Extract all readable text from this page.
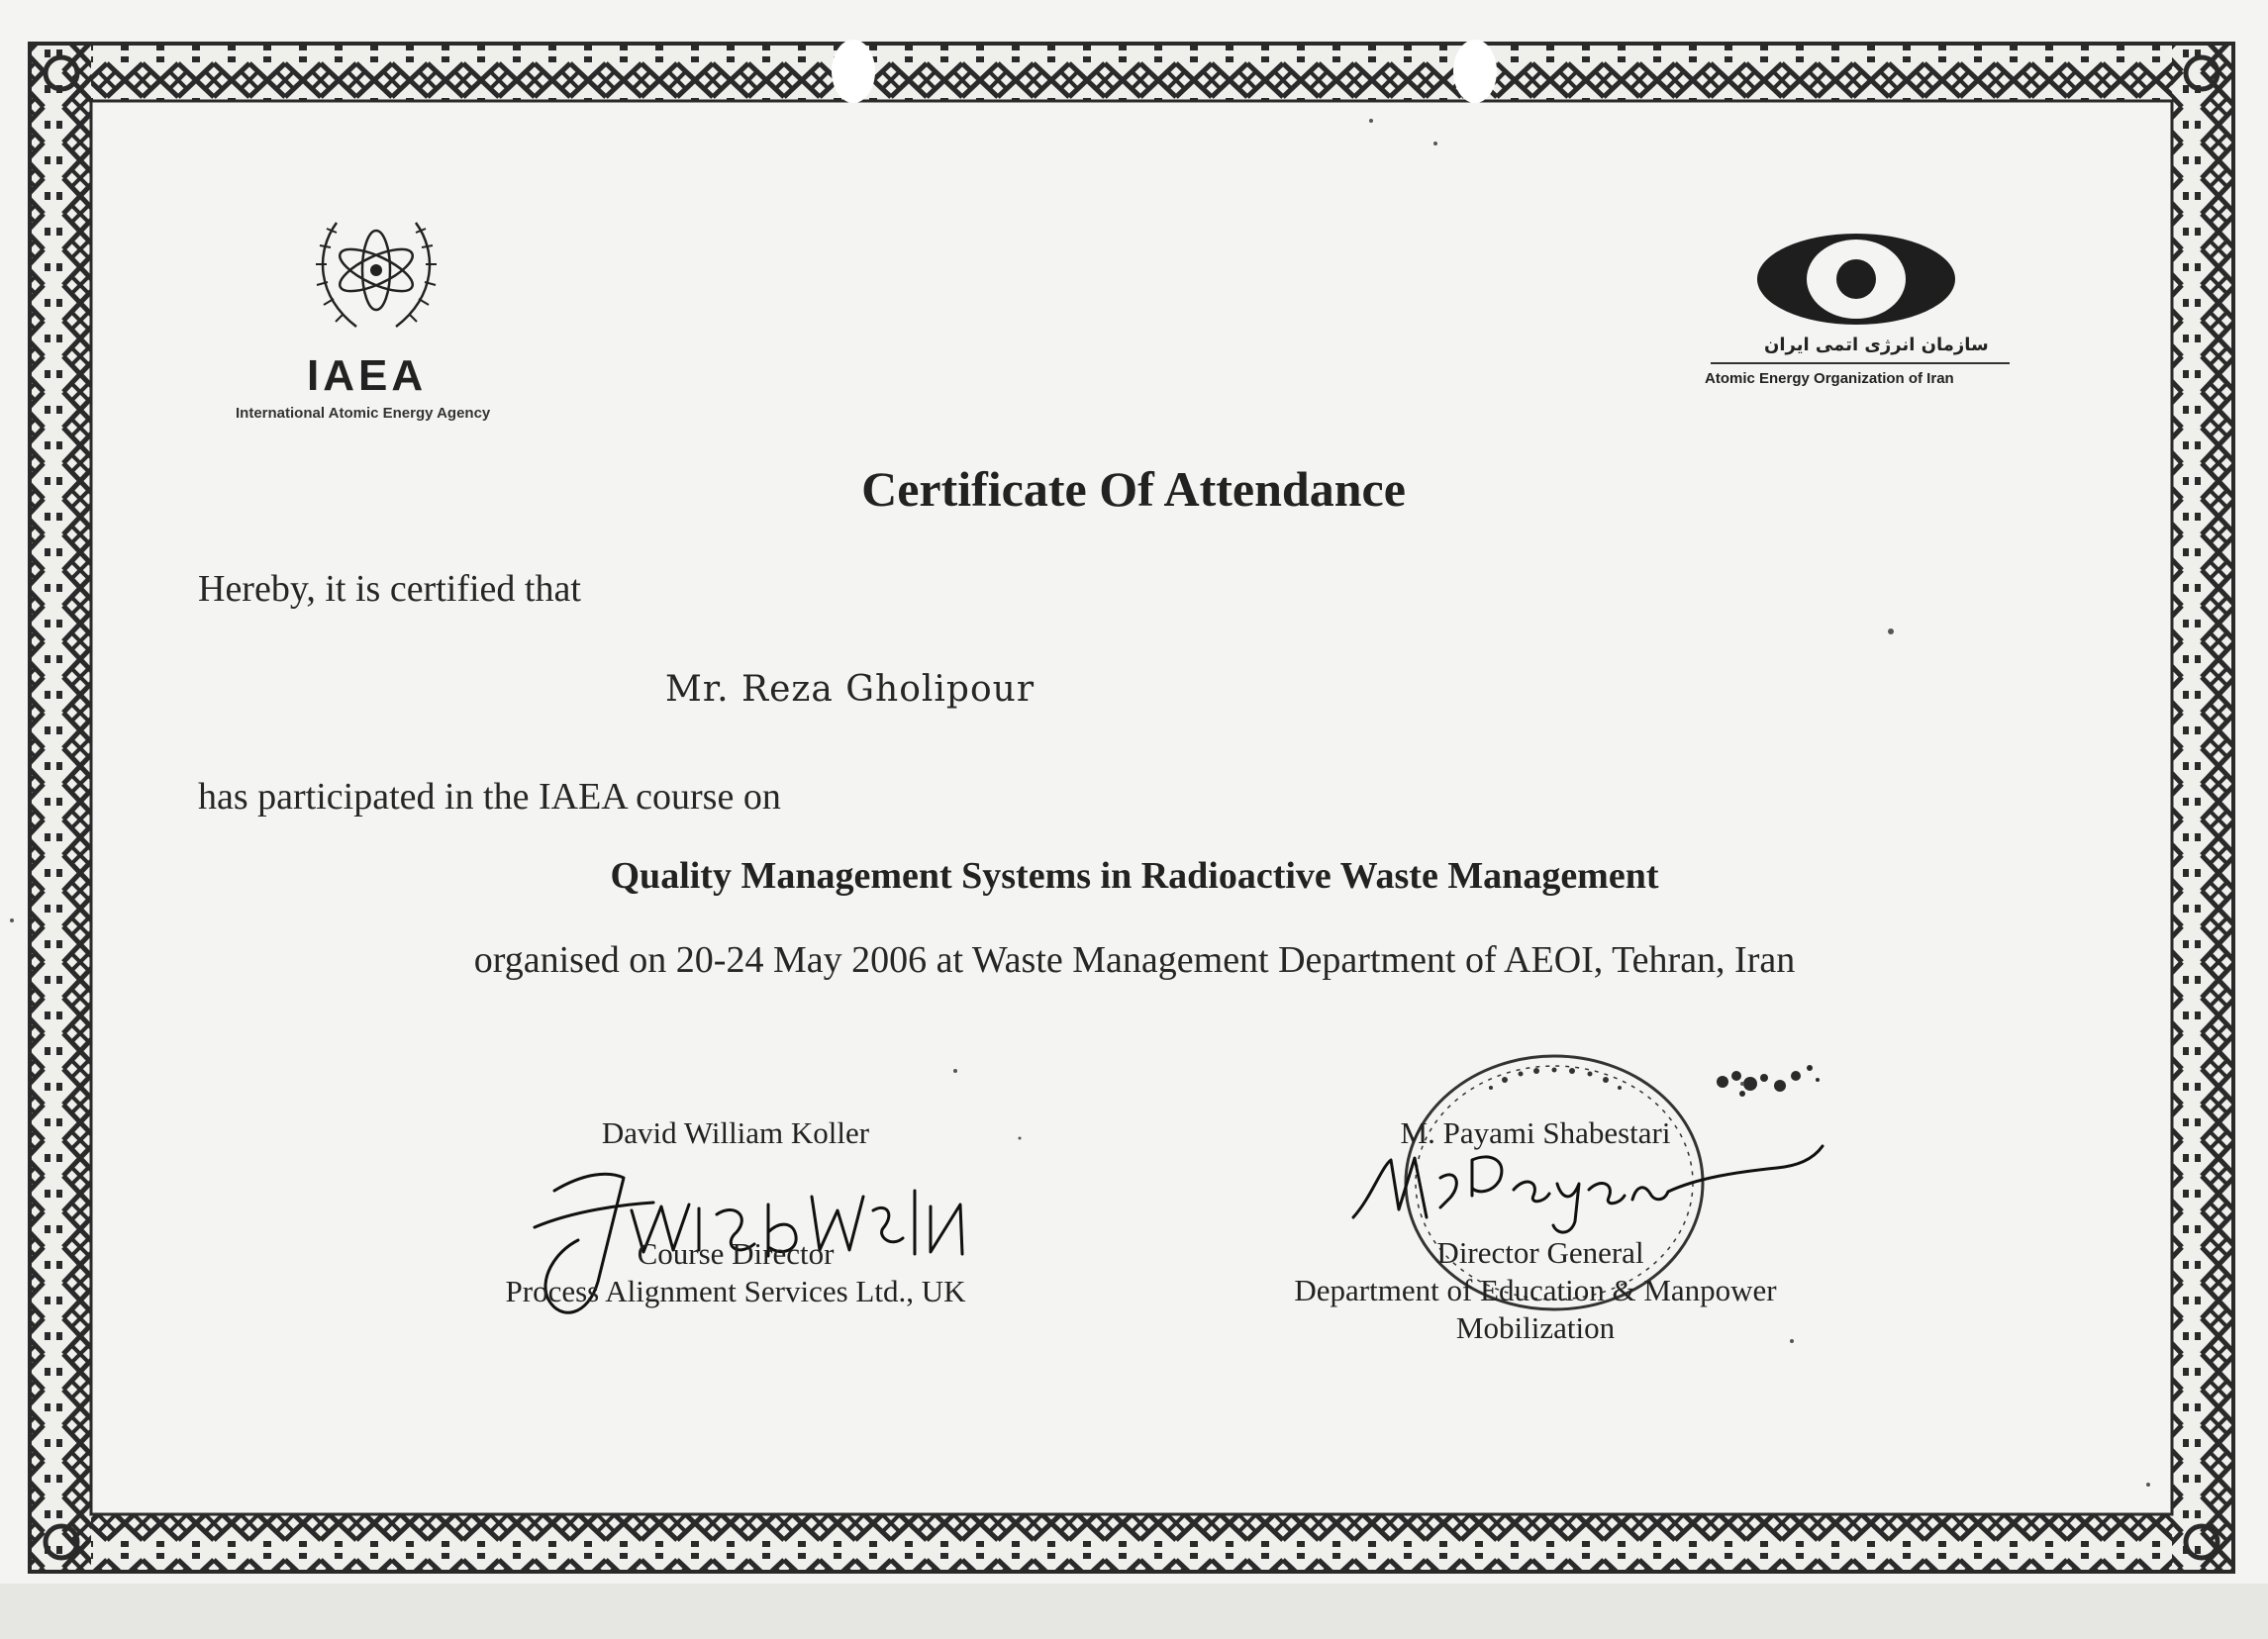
IAEA
International Atomic Energy Agency
سازمان انرژی اتمی ایران
Atomic Energy Organization of Iran
Certificate Of Attendance
Hereby, it is certified that
Mr. Reza Gholipour
has participated in the IAEA course on
Quality Management Systems in Radioactive Waste Management
organised on 20-24 May 2006 at Waste Management Department of AEOI, Tehran, Iran
David William Koller
Course Director
Process Alignment Services Ltd., UK
M. Payami Shabestari
Director General
Department of Education & Manpower
Mobilization
